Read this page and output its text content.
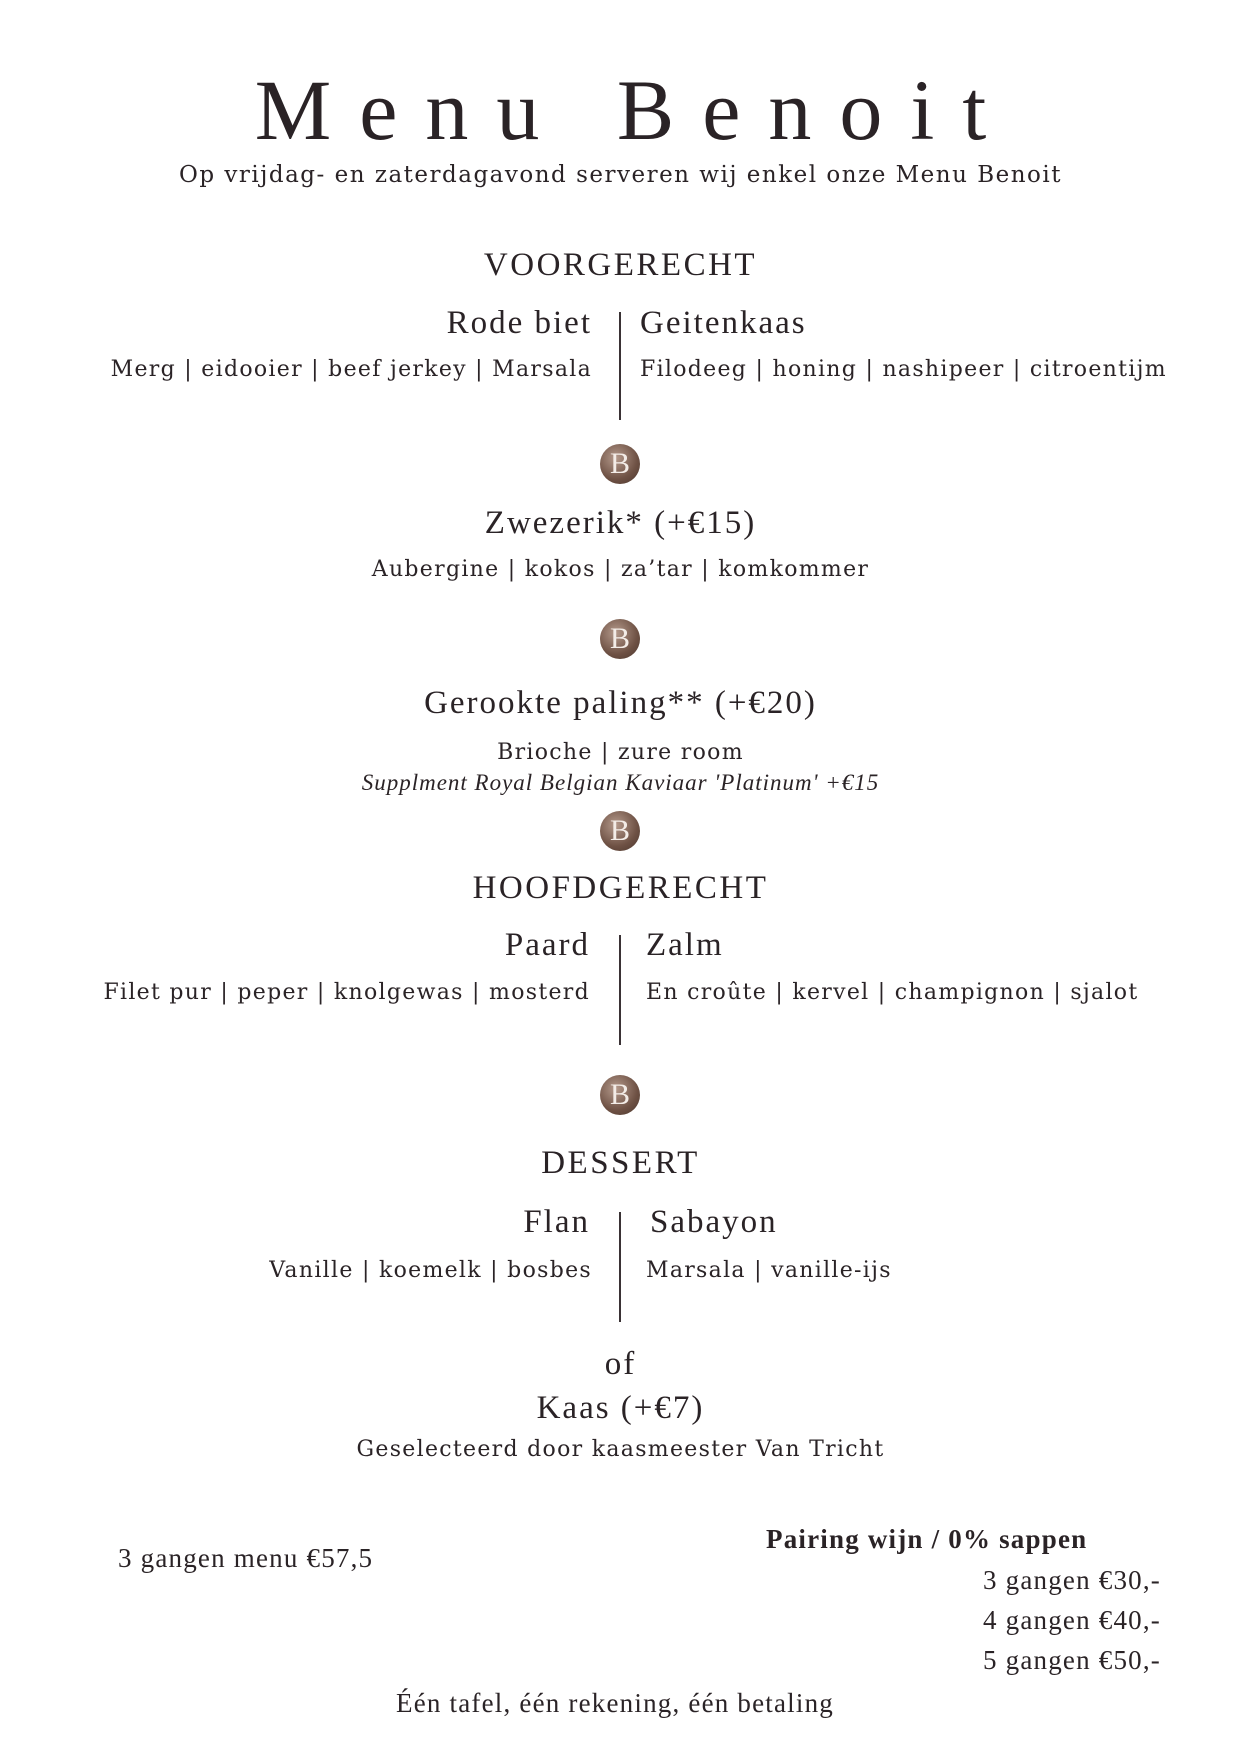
Menu Benoit
Op vrijdag- en zaterdagavond serveren wij enkel onze Menu Benoit
VOORGERECHT
Rode biet
Merg | eidooier | beef jerkey | Marsala
Geitenkaas
Filodeeg | honing | nashipeer | citroentijm
B
Zwezerik* (+€15)
Aubergine | kokos | za’tar | komkommer
B
Gerookte paling** (+€20)
Brioche | zure room
Supplment Royal Belgian Kaviaar 'Platinum' +€15
B
HOOFDGERECHT
Paard
Filet pur | peper | knolgewas | mosterd
Zalm
En croûte | kervel | champignon | sjalot
B
DESSERT
Flan
Vanille | koemelk | bosbes
Sabayon
Marsala | vanille-ijs
of
Kaas (+€7)
Geselecteerd door kaasmeester Van Tricht
3 gangen menu €57,5
Pairing wijn / 0% sappen
3 gangen €30,-
4 gangen €40,-
5 gangen €50,-
Één tafel, één rekening, één betaling
